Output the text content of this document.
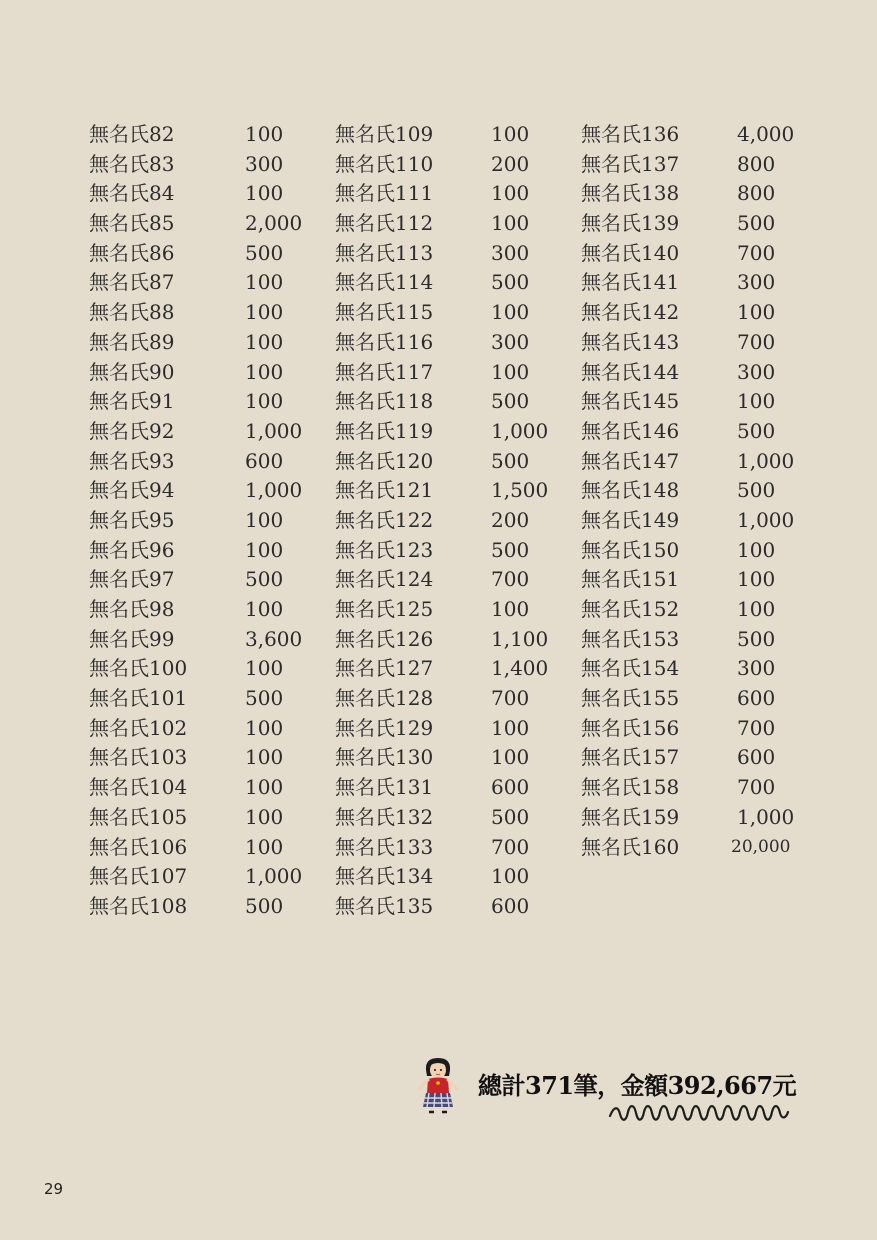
無名氏82	100
無名氏83	300
無名氏84	100
無名氏85	2,000
無名氏86	500
無名氏87	100
無名氏88	100
無名氏89	100
無名氏90	100
無名氏91	100
無名氏92	1,000
無名氏93	600
無名氏94	1,000
無名氏95	100
無名氏96	100
無名氏97	500
無名氏98	100
無名氏99	3,600
無名氏100	100
無名氏101	500
無名氏102	100
無名氏103	100
無名氏104	100
無名氏105	100
無名氏106	100
無名氏107	1,000
無名氏108	500
無名氏109	100
無名氏110	200
無名氏111	100
無名氏112	100
無名氏113	300
無名氏114	500
無名氏115	100
無名氏116	300
無名氏117	100
無名氏118	500
無名氏119	1,000
無名氏120	500
無名氏121	1,500
無名氏122	200
無名氏123	500
無名氏124	700
無名氏125	100
無名氏126	1,100
無名氏127	1,400
無名氏128	700
無名氏129	100
無名氏130	100
無名氏131	600
無名氏132	500
無名氏133	700
無名氏134	100
無名氏135	600
無名氏136	4,000
無名氏137	800
無名氏138	800
無名氏139	500
無名氏140	700
無名氏141	300
無名氏142	100
無名氏143	700
無名氏144	300
無名氏145	100
無名氏146	500
無名氏147	1,000
無名氏148	500
無名氏149	1,000
無名氏150	100
無名氏151	100
無名氏152	100
無名氏153	500
無名氏154	300
無名氏155	600
無名氏156	700
無名氏157	600
無名氏158	700
無名氏159	1,000
無名氏160	20,000
總計371筆，金額392,667元
29
